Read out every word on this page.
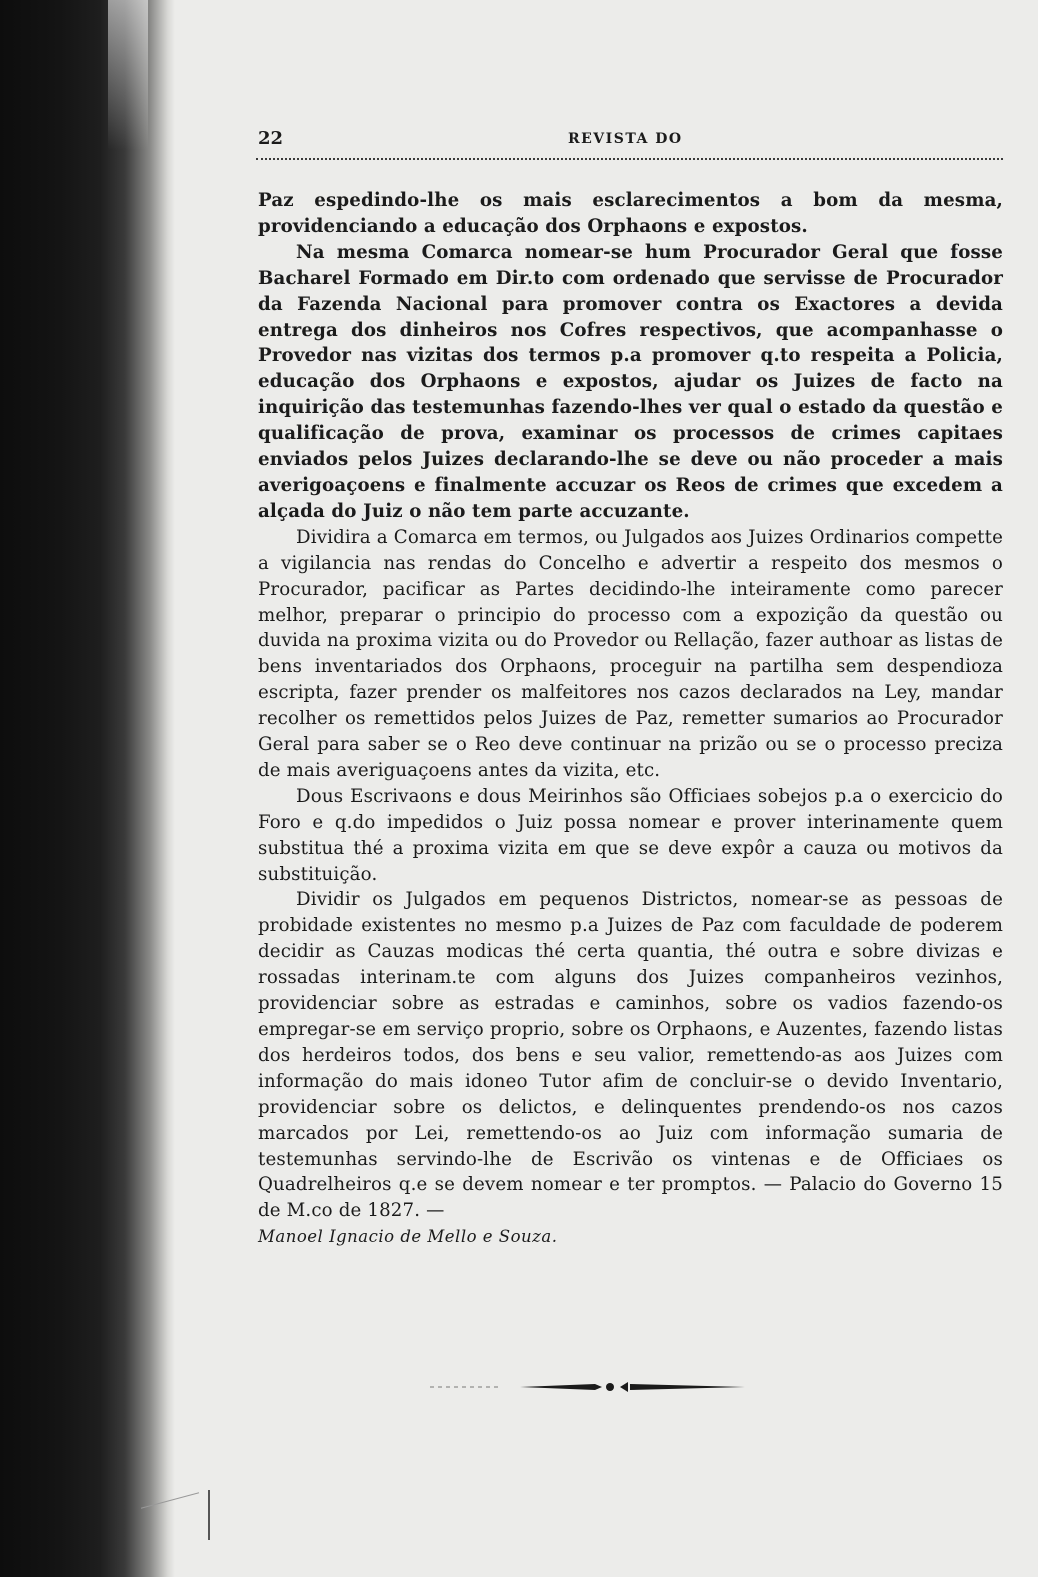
22	REVISTA DO

Paz espedindo-lhe os mais esclarecimentos a bom da mesma, providenciando a educação dos Orphaons e expostos.

Na mesma Comarca nomear-se hum Procurador Geral que fosse Bacharel Formado em Dir.to com ordenado que servisse de Procurador da Fazenda Nacional para promover contra os Exactores a devida entrega dos dinheiros nos Cofres respectivos, que acompanhasse o Provedor nas vizitas dos termos p.a promover q.to respeita a Policia, educação dos Orphaons e expostos, ajudar os Juizes de facto na inquirição das testemunhas fazendo-lhes ver qual o estado da questão e qualificação de prova, examinar os processos de crimes capitaes enviados pelos Juizes declarando-lhe se deve ou não proceder a mais averigoaçoens e finalmente accuzar os Reos de crimes que excedem a alçada do Juiz o não tem parte accuzante.

Dividira a Comarca em termos, ou Julgados aos Juizes Ordinarios compette a vigilancia nas rendas do Concelho e advertir a respeito dos mesmos o Procurador, pacificar as Partes decidindo-lhe inteiramente como parecer melhor, preparar o principio do processo com a expozição da questão ou duvida na proxima vizita ou do Provedor ou Rellação, fazer authoar as listas de bens inventariados dos Orphaons, proceguir na partilha sem despendioza escripta, fazer prender os malfeitores nos cazos declarados na Ley, mandar recolher os remettidos pelos Juizes de Paz, remetter sumarios ao Procurador Geral para saber se o Reo deve continuar na prizão ou se o processo preciza de mais averiguaçoens antes da vizita, etc.

Dous Escrivaons e dous Meirinhos são Officiaes sobejos p.a o exercicio do Foro e q.do impedidos o Juiz possa nomear e prover interinamente quem substitua thé a proxima vizita em que se deve expôr a cauza ou motivos da substituição.

Dividir os Julgados em pequenos Districtos, nomear-se as pessoas de probidade existentes no mesmo p.a Juizes de Paz com faculdade de poderem decidir as Cauzas modicas thé certa quantia, thé outra e sobre divizas e rossadas interinam.te com alguns dos Juizes companheiros vezinhos, providenciar sobre as estradas e caminhos, sobre os vadios fazendo-os empregar-se em serviço proprio, sobre os Orphaons, e Auzentes, fazendo listas dos herdeiros todos, dos bens e seu valior, remettendo-as aos Juizes com informação do mais idoneo Tutor afim de concluir-se o devido Inventario, providenciar sobre os delictos, e delinquentes prendendo-os nos cazos marcados por Lei, remettendo-os ao Juiz com informação sumaria de testemunhas servindo-lhe de Escrivão os vintenas e de Officiaes os Quadrelheiros q.e se devem nomear e ter promptos. — Palacio do Governo 15 de M.co de 1827. —

Manoel Ignacio de Mello e Souza.
